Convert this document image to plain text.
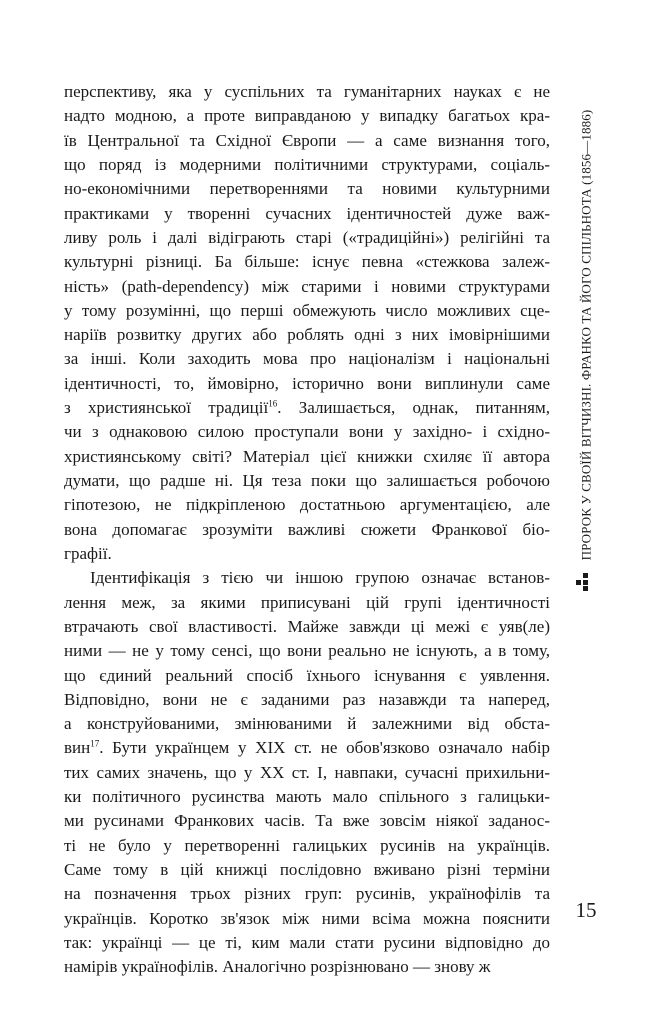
перспективу, яка у суспільних та гуманітарних науках є не
надто модною, а проте виправданою у випадку багатьох кра-
їв Центральної та Східної Європи — а саме визнання того,
що поряд із модерними політичними структурами, соціаль-
но-економічними перетвореннями та новими культурними
практиками у творенні сучасних ідентичностей дуже важ-
ливу роль і далі відіграють старі («традиційні») релігійні та
культурні різниці. Ба більше: існує певна «стежкова залеж-
ність» (path-dependency) між старими і новими структурами
у тому розумінні, що перші обмежують число можливих сце-
наріїв розвитку других або роблять одні з них імовірнішими
за інші. Коли заходить мова про націоналізм і національні
ідентичності, то, ймовірно, історично вони виплинули саме
з християнської традиції$^{16}$. Залишається, однак, питанням,
чи з однаковою силою проступали вони у західно- і східно-
християнському світі? Матеріал цієї книжки схиляє її автора
думати, що радше ні. Ця теза поки що залишається робочою
гіпотезою, не підкріпленою достатньою аргументацією, але
вона допомагає зрозуміти важливі сюжети Франкової біо-
графії.
Ідентифікація з тією чи іншою групою означає встанов-
лення меж, за якими приписувані цій групі ідентичності
втрачають свої властивості. Майже завжди ці межі є уяв(ле)
ними — не у тому сенсі, що вони реально не існують, а в тому,
що єдиний реальний спосіб їхнього існування є уявлення.
Відповідно, вони не є заданими раз назавжди та наперед,
а конструйованими, змінюваними й залежними від обста-
вин$^{17}$. Бути українцем у XIX ст. не обов'язково означало набір
тих самих значень, що у XX ст. І, навпаки, сучасні прихильни-
ки політичного русинства мають мало спільного з галицьки-
ми русинами Франкових часів. Та вже зовсім ніякої заданос-
ті не було у перетворенні галицьких русинів на українців.
Саме тому в цій книжці послідовно вживано різні терміни
на позначення трьох різних груп: русинів, українофілів та
українців. Коротко зв'язок між ними всіма можна пояснити
так: українці — це ті, ким мали стати русини відповідно до
намірів українофілів. Аналогічно розрізнювано — знову ж
ПРОРОК У СВОЇЙ ВІТЧИЗНІ. ФРАНКО ТА ЙОГО СПІЛЬНОТА (1856—1886)
15
